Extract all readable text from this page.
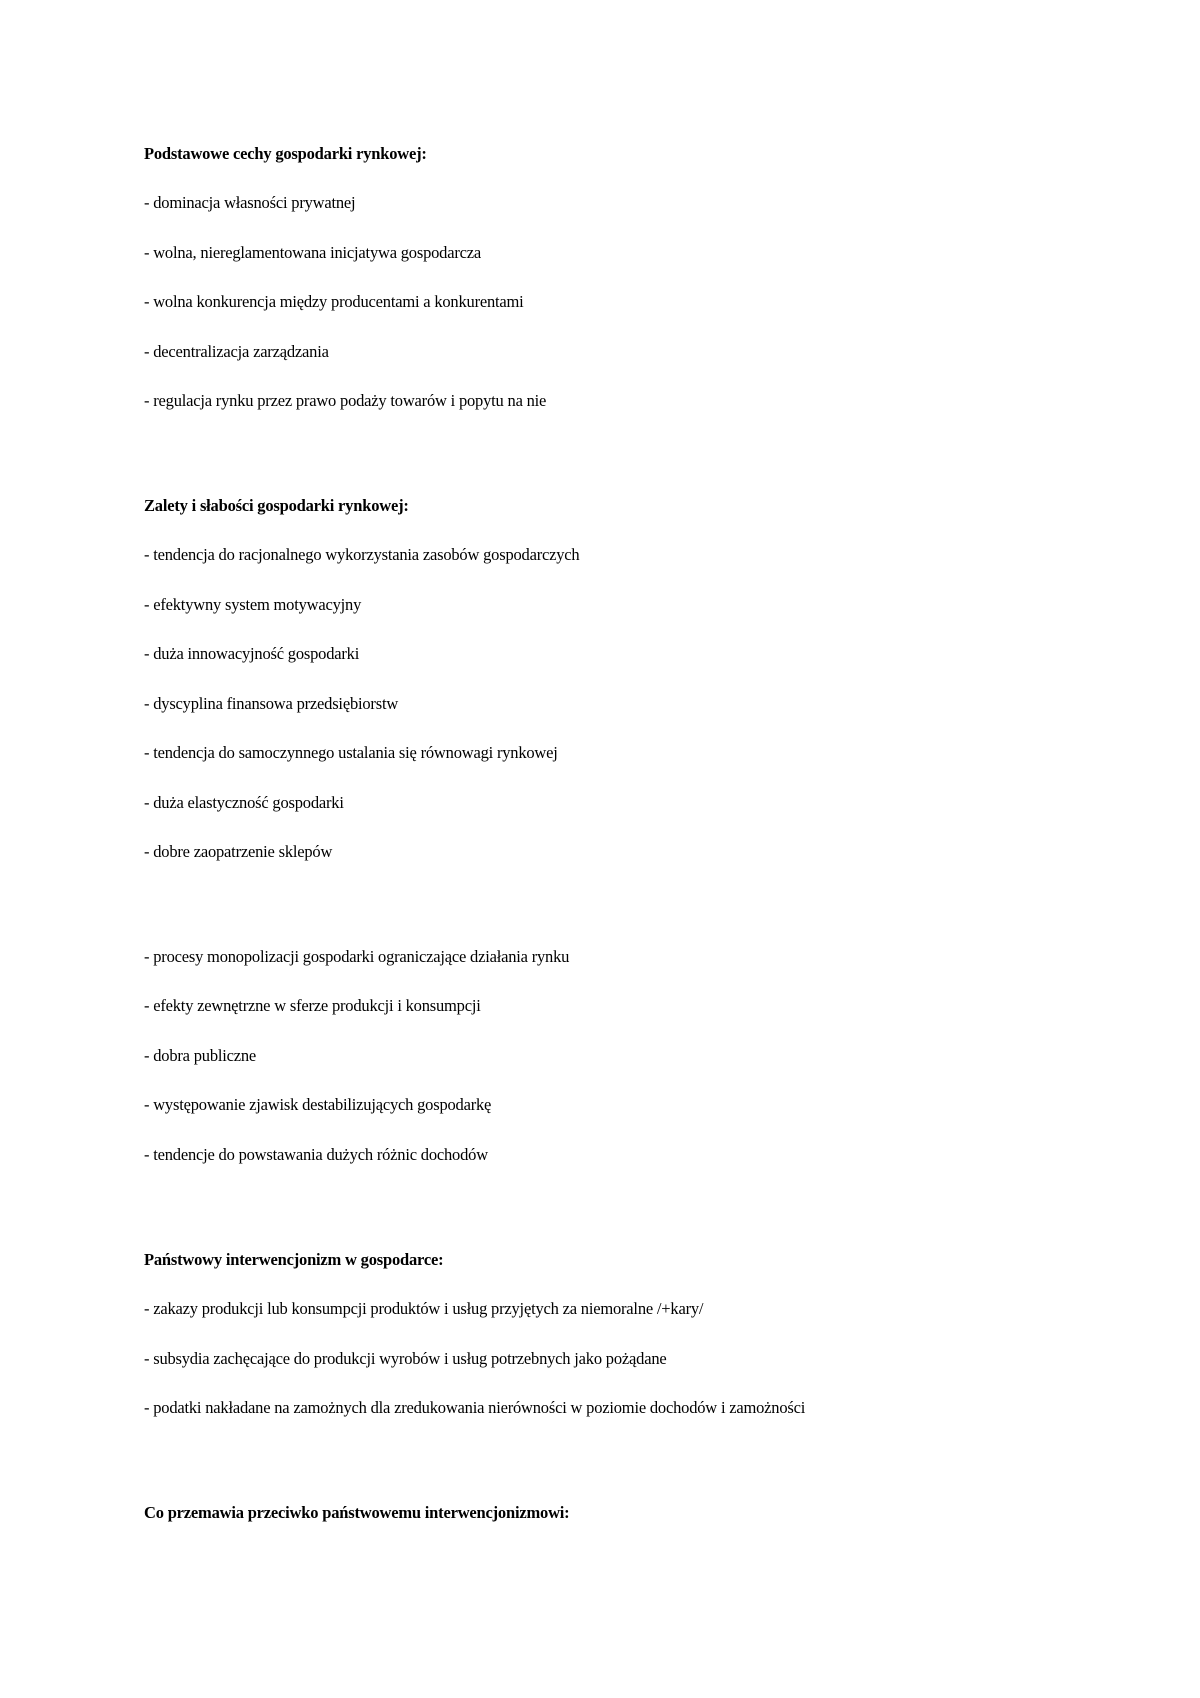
Podstawowe cechy gospodarki rynkowej:
- dominacja własności prywatnej
- wolna, niereglamentowana inicjatywa gospodarcza
- wolna konkurencja między producentami a konkurentami
- decentralizacja zarządzania
- regulacja rynku przez prawo podaży towarów i popytu na nie
Zalety i słabości gospodarki rynkowej:
- tendencja do racjonalnego wykorzystania zasobów gospodarczych
- efektywny system motywacyjny
- duża innowacyjność gospodarki
- dyscyplina finansowa przedsiębiorstw
- tendencja do samoczynnego ustalania się równowagi rynkowej
- duża elastyczność gospodarki
- dobre zaopatrzenie sklepów
- procesy monopolizacji gospodarki ograniczające działania rynku
- efekty zewnętrzne w sferze produkcji i konsumpcji
- dobra publiczne
- występowanie zjawisk destabilizujących gospodarkę
- tendencje do powstawania dużych różnic dochodów
Państwowy interwencjonizm w gospodarce:
- zakazy produkcji lub konsumpcji produktów i usług przyjętych za niemoralne /+kary/
- subsydia zachęcające do produkcji wyrobów i usług potrzebnych jako pożądane
- podatki nakładane na zamożnych dla zredukowania nierówności w poziomie dochodów i zamożności
Co przemawia przeciwko państwowemu interwencjonizmowi:
